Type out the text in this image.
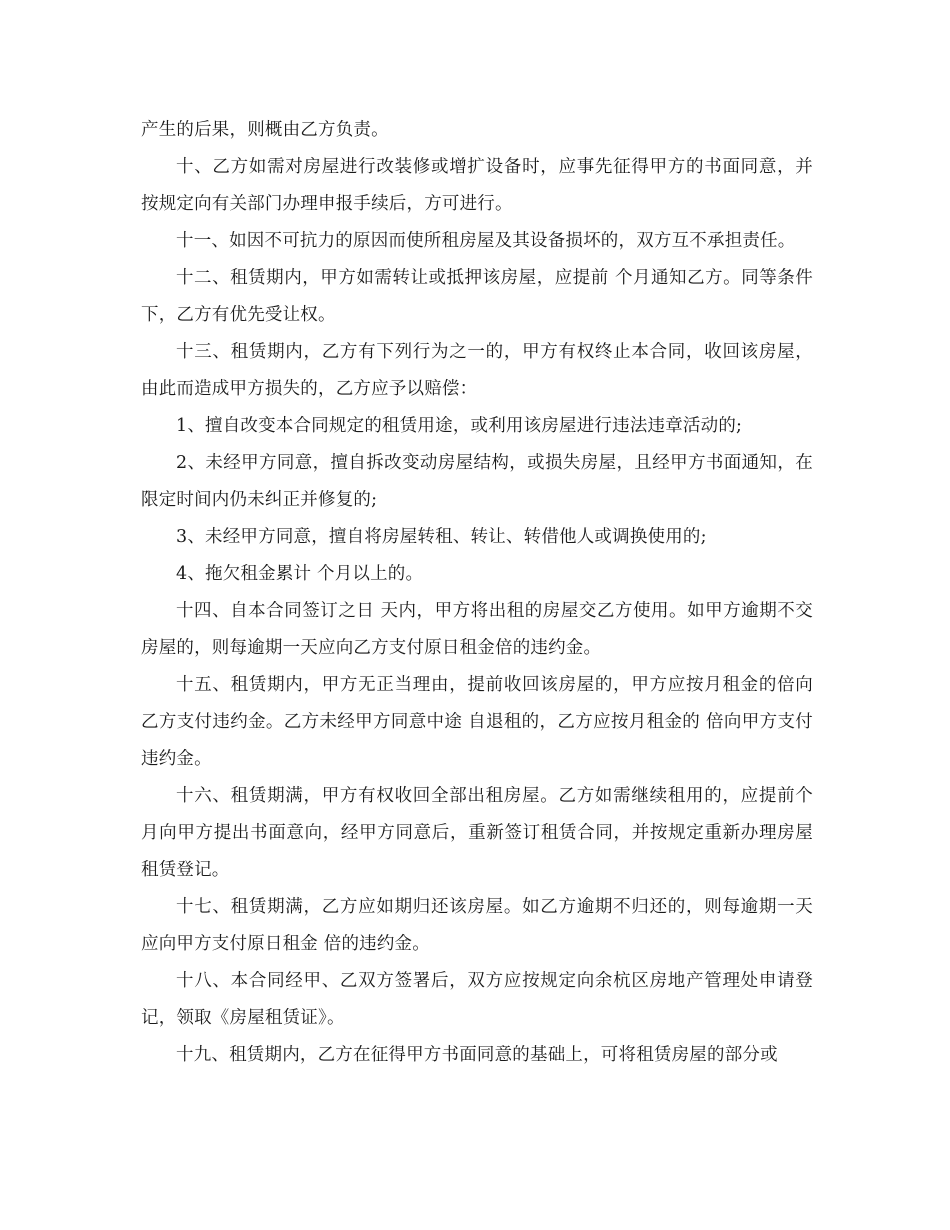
产生的后果，则概由乙方负责。

十、乙方如需对房屋进行改装修或增扩设备时，应事先征得甲方的书面同意，并按规定向有关部门办理申报手续后，方可进行。

十一、如因不可抗力的原因而使所租房屋及其设备损坏的，双方互不承担责任。

十二、租赁期内，甲方如需转让或抵押该房屋，应提前 个月通知乙方。同等条件下，乙方有优先受让权。

十三、租赁期内，乙方有下列行为之一的，甲方有权终止本合同，收回该房屋，由此而造成甲方损失的，乙方应予以赔偿：

1、擅自改变本合同规定的租赁用途，或利用该房屋进行违法违章活动的;

2、未经甲方同意，擅自拆改变动房屋结构，或损失房屋，且经甲方书面通知，在限定时间内仍未纠正并修复的;

3、未经甲方同意，擅自将房屋转租、转让、转借他人或调换使用的;

4、拖欠租金累计 个月以上的。

十四、自本合同签订之日 天内，甲方将出租的房屋交乙方使用。如甲方逾期不交房屋的，则每逾期一天应向乙方支付原日租金倍的违约金。

十五、租赁期内，甲方无正当理由，提前收回该房屋的，甲方应按月租金的倍向乙方支付违约金。乙方未经甲方同意中途 自退租的，乙方应按月租金的 倍向甲方支付违约金。

十六、租赁期满，甲方有权收回全部出租房屋。乙方如需继续租用的，应提前个月向甲方提出书面意向，经甲方同意后，重新签订租赁合同，并按规定重新办理房屋租赁登记。

十七、租赁期满，乙方应如期归还该房屋。如乙方逾期不归还的，则每逾期一天应向甲方支付原日租金 倍的违约金。

十八、本合同经甲、乙双方签署后，双方应按规定向余杭区房地产管理处申请登记，领取《房屋租赁证》。

十九、租赁期内，乙方在征得甲方书面同意的基础上，可将租赁房屋的部分或
